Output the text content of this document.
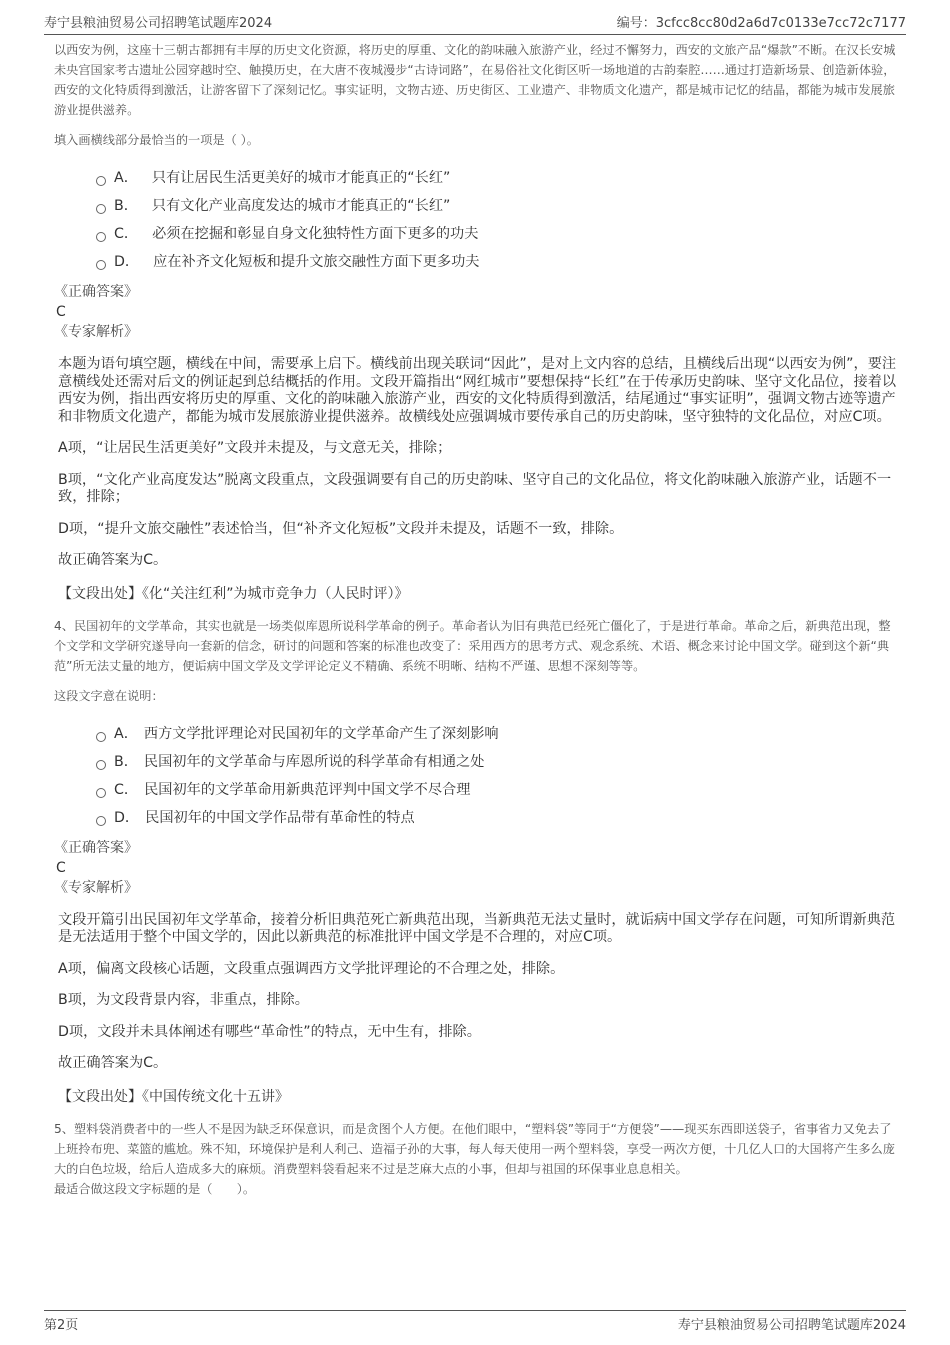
寿宁县粮油贸易公司招聘笔试题库2024	编号：3cfcc8cc80d2a6d7c0133e7cc72c7177

以西安为例，这座十三朝古都拥有丰厚的历史文化资源，将历史的厚重、文化的韵味融入旅游产业，经过不懈努力，西安的文旅产品“爆款”不断。在汉长安城未央宫国家考古遗址公园穿越时空、触摸历史，在大唐不夜城漫步“古诗词路”，在易俗社文化街区听一场地道的古韵秦腔……通过打造新场景、创造新体验，西安的文化特质得到激活，让游客留下了深刻记忆。事实证明，文物古迹、历史街区、工业遗产、非物质文化遗产，都是城市记忆的结晶，都能为城市发展旅游业提供滋养。

填入画横线部分最恰当的一项是（ ）。

A． 只有让居民生活更美好的城市才能真正的“长红”
B． 只有文化产业高度发达的城市才能真正的“长红”
C． 必须在挖掘和彰显自身文化独特性方面下更多的功夫
D． 应在补齐文化短板和提升文旅交融性方面下更多功夫

《正确答案》

C

《专家解析》

本题为语句填空题，横线在中间，需要承上启下。横线前出现关联词“因此”，是对上文内容的总结，且横线后出现“以西安为例”，要注意横线处还需对后文的例证起到总结概括的作用。文段开篇指出“网红城市”要想保持“长红”在于传承历史韵味、坚守文化品位，接着以西安为例，指出西安将历史的厚重、文化的韵味融入旅游产业，西安的文化特质得到激活，结尾通过“事实证明”，强调文物古迹等遗产和非物质文化遗产，都能为城市发展旅游业提供滋养。故横线处应强调城市要传承自己的历史韵味，坚守独特的文化品位，对应C项。

A项，“让居民生活更美好”文段并未提及，与文意无关，排除；

B项，“文化产业高度发达”脱离文段重点，文段强调要有自己的历史韵味、坚守自己的文化品位，将文化韵味融入旅游产业，话题不一致，排除；

D项，“提升文旅交融性”表述恰当，但“补齐文化短板”文段并未提及，话题不一致，排除。

故正确答案为C。

【文段出处】《化“关注红利”为城市竞争力（人民时评）》

4、民国初年的文学革命，其实也就是一场类似库恩所说科学革命的例子。革命者认为旧有典范已经死亡僵化了，于是进行革命。革命之后，新典范出现，整个文学和文学研究遂导向一套新的信念，研讨的问题和答案的标准也改变了：采用西方的思考方式、观念系统、术语、概念来讨论中国文学。碰到这个新“典范”所无法丈量的地方，便诟病中国文学及文学评论定义不精确、系统不明晰、结构不严谨、思想不深刻等等。

这段文字意在说明：

A． 西方文学批评理论对民国初年的文学革命产生了深刻影响
B． 民国初年的文学革命与库恩所说的科学革命有相通之处
C． 民国初年的文学革命用新典范评判中国文学不尽合理
D． 民国初年的中国文学作品带有革命性的特点

《正确答案》

C

《专家解析》

文段开篇引出民国初年文学革命，接着分析旧典范死亡新典范出现，当新典范无法丈量时，就诟病中国文学存在问题，可知所谓新典范是无法适用于整个中国文学的，因此以新典范的标准批评中国文学是不合理的，对应C项。

A项，偏离文段核心话题，文段重点强调西方文学批评理论的不合理之处，排除。

B项，为文段背景内容，非重点，排除。

D项，文段并未具体阐述有哪些“革命性”的特点，无中生有，排除。

故正确答案为C。

【文段出处】《中国传统文化十五讲》

5、塑料袋消费者中的一些人不是因为缺乏环保意识，而是贪图个人方便。在他们眼中，“塑料袋”等同于“方便袋”——现买东西即送袋子，省事省力又免去了上班拎布兜、菜篮的尴尬。殊不知，环境保护是利人利己、造福子孙的大事，每人每天使用一两个塑料袋，享受一两次方便，十几亿人口的大国将产生多么庞大的白色垃圾，给后人造成多大的麻烦。消费塑料袋看起来不过是芝麻大点的小事，但却与祖国的环保事业息息相关。

最适合做这段文字标题的是（　　）。

第2页	寿宁县粮油贸易公司招聘笔试题库2024
